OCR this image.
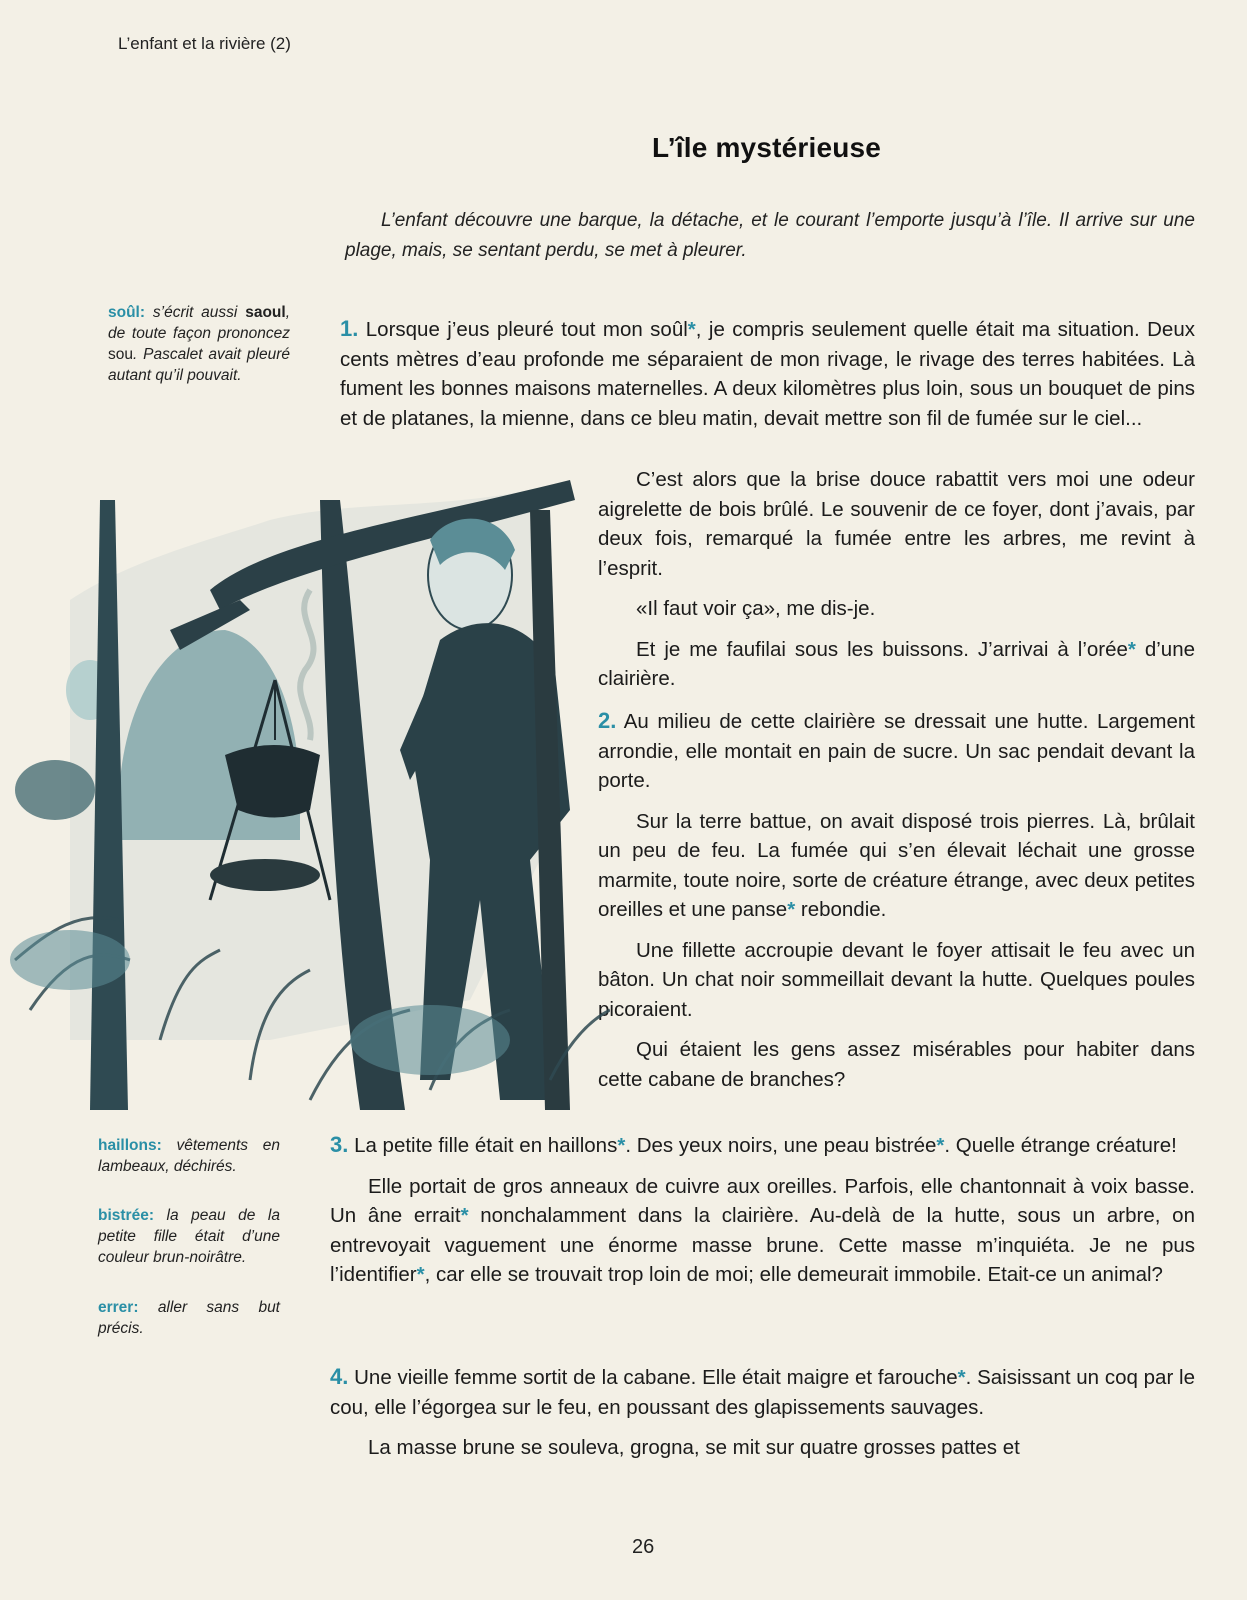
L’enfant et la rivière (2)
L’île mystérieuse
L’enfant découvre une barque, la détache, et le courant l’emporte jusqu’à l’île. Il arrive sur une plage, mais, se sentant perdu, se met à pleurer.
soûl: s’écrit aussi saoul, de toute façon prononcez sou. Pascalet avait pleuré autant qu’il pouvait.
haillons: vêtements en lambeaux, déchirés.
bistrée: la peau de la petite fille était d’une couleur brun-noirâtre.
errer: aller sans but précis.

1. Lorsque j’eus pleuré tout mon soûl*, je compris seulement quelle était ma situation. Deux cents mètres d’eau profonde me séparaient de mon rivage, le rivage des terres habitées. Là fument les bonnes maisons maternelles. A deux kilomètres plus loin, sous un bouquet de pins et de platanes, la mienne, dans ce bleu matin, devait mettre son fil de fumée sur le ciel...

C’est alors que la brise douce rabattit vers moi une odeur aigrelette de bois brûlé. Le souvenir de ce foyer, dont j’avais, par deux fois, remarqué la fumée entre les arbres, me revint à l’esprit.

«Il faut voir ça», me dis-je.

Et je me faufilai sous les buissons. J’arrivai à l’orée* d’une clairière.

2. Au milieu de cette clairière se dressait une hutte. Largement arrondie, elle montait en pain de sucre. Un sac pendait devant la porte.

Sur la terre battue, on avait disposé trois pierres. Là, brûlait un peu de feu. La fumée qui s’en élevait léchait une grosse marmite, toute noire, sorte de créature étrange, avec deux petites oreilles et une panse* rebondie.

Une fillette accroupie devant le foyer attisait le feu avec un bâton. Un chat noir sommeillait devant la hutte. Quelques poules picoraient.

Qui étaient les gens assez misérables pour habiter dans cette cabane de branches?

3. La petite fille était en haillons*. Des yeux noirs, une peau bistrée*. Quelle étrange créature!

Elle portait de gros anneaux de cuivre aux oreilles. Parfois, elle chantonnait à voix basse. Un âne errait* nonchalamment dans la clairière. Au-delà de la hutte, sous un arbre, on entrevoyait vaguement une énorme masse brune. Cette masse m’inquiéta. Je ne pus l’identifier*, car elle se trouvait trop loin de moi; elle demeurait immobile. Etait-ce un animal?

4. Une vieille femme sortit de la cabane. Elle était maigre et farouche*. Saisissant un coq par le cou, elle l’égorgea sur le feu, en poussant des glapissements sauvages.

La masse brune se souleva, grogna, se mit sur quatre grosses pattes et

26
